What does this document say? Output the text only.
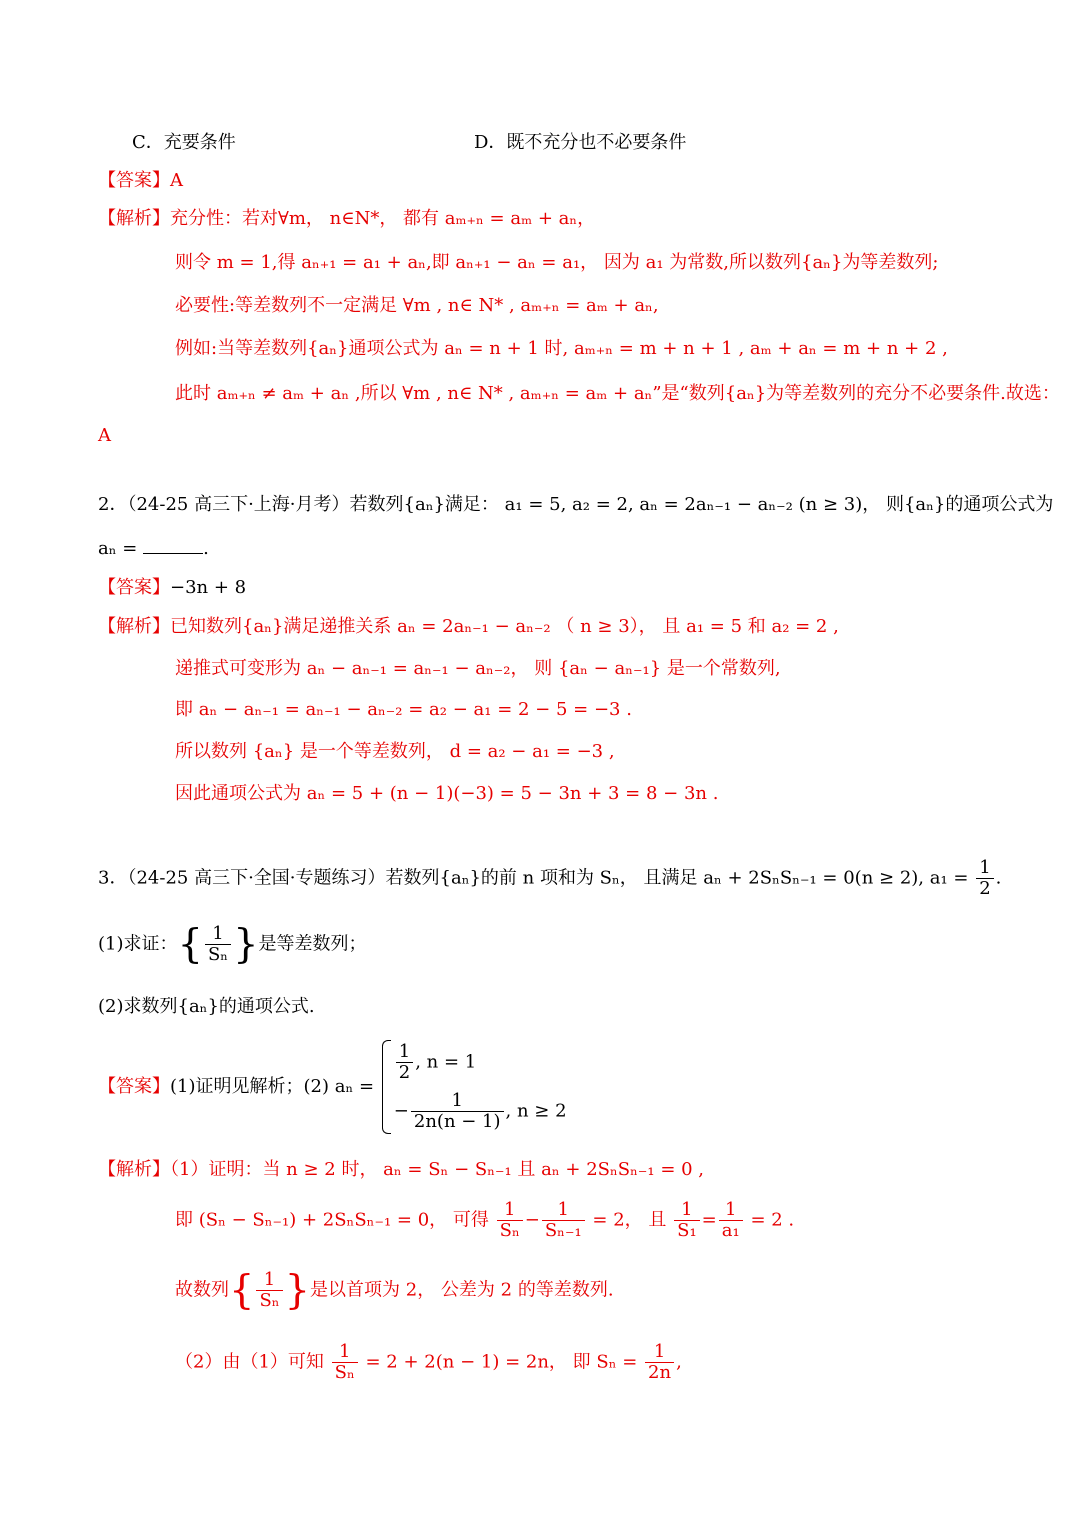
C．充要条件	D．既不充分也不必要条件
【答案】A
【解析】充分性：若对∀m， n∈N*， 都有 aₘ₊ₙ = aₘ + aₙ，
则令 m = 1,得 aₙ₊₁ = a₁ + aₙ,即 aₙ₊₁ − aₙ = a₁， 因为 a₁ 为常数,所以数列{aₙ}为等差数列;
必要性:等差数列不一定满足 ∀m , n∈ N* , aₘ₊ₙ = aₘ + aₙ,
例如:当等差数列{aₙ}通项公式为 aₙ = n + 1 时, aₘ₊ₙ = m + n + 1 , aₘ + aₙ = m + n + 2 ,
此时 aₘ₊ₙ ≠ aₘ + aₙ ,所以 ∀m , n∈ N* , aₘ₊ₙ = aₘ + aₙ”是“数列{aₙ}为等差数列的充分不必要条件.故选：
A
2．（24-25 高三下·上海·月考）若数列{aₙ}满足： a₁ = 5, a₂ = 2, aₙ = 2aₙ₋₁ − aₙ₋₂ (n ≥ 3)， 则{aₙ}的通项公式为
aₙ =	.
【答案】−3n + 8
【解析】已知数列{aₙ}满足递推关系 aₙ = 2aₙ₋₁ − aₙ₋₂ （ n ≥ 3）， 且 a₁ = 5 和 a₂ = 2 ,
递推式可变形为 aₙ − aₙ₋₁ = aₙ₋₁ − aₙ₋₂， 则 {aₙ − aₙ₋₁} 是一个常数列,
即 aₙ − aₙ₋₁ = aₙ₋₁ − aₙ₋₂ = a₂ − a₁ = 2 − 5 = −3 .
所以数列 {aₙ} 是一个等差数列， d = a₂ − a₁ = −3 ,
因此通项公式为 aₙ = 5 + (n − 1)(−3) = 5 − 3n + 3 = 8 − 3n .
3．（24-25 高三下·全国·专题练习）若数列{aₙ}的前 n 项和为 Sₙ， 且满足 aₙ + 2SₙSₙ₋₁ = 0(n ≥ 2), $a_1 = \frac{1}{2}$ .
(1)求证：{ $\frac{1}{\text{Sₙ}}$ }是等差数列；
(2)求数列{aₙ}的通项公式.
【答案】(1)证明见解析；(2) aₙ =
$\frac{1}{2}$ , n = 1
− $\frac{1}{2n(n - 1)}$ , n ≥ 2
【解析】（1）证明：当 n ≥ 2 时， aₙ = Sₙ − Sₙ₋₁ 且 aₙ + 2SₙSₙ₋₁ = 0 ,
即 (Sₙ − Sₙ₋₁) + 2SₙSₙ₋₁ = 0， 可得 $\frac{1}{\text{Sₙ}} - \frac{1}{\text{Sₙ₋₁}} = 2$， 且 $\frac{1}{\text{S₁}} = \frac{1}{\text{a₁}} = 2$ .
故数列{ $\frac{1}{\text{Sₙ}}$ }是以首项为 2， 公差为 2 的等差数列.
（2）由（1）可知 $\frac{1}{\text{Sₙ}} = 2 + 2(n - 1) = 2n$， 即 $S_n = \frac{1}{2n}$ ,
